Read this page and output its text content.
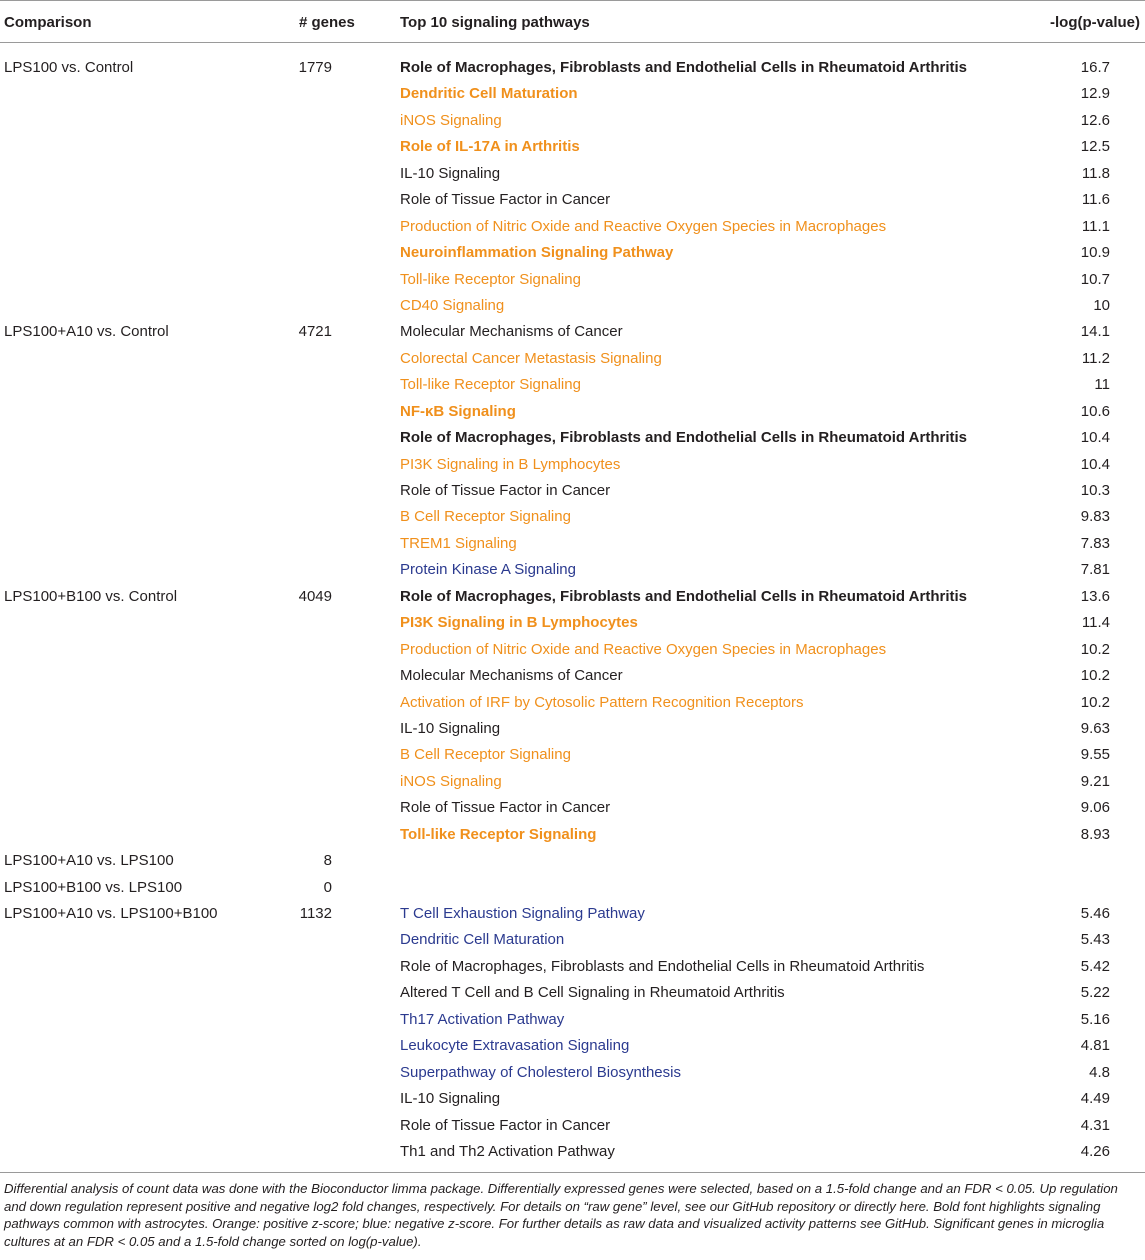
Comparison	# genes	Top 10 signaling pathways	-log(p-value)
LPS100 vs. Control	1779	Role of Macrophages, Fibroblasts and Endothelial Cells in Rheumatoid Arthritis	16.7
Dendritic Cell Maturation	12.9
iNOS Signaling	12.6
Role of IL-17A in Arthritis	12.5
IL-10 Signaling	11.8
Role of Tissue Factor in Cancer	11.6
Production of Nitric Oxide and Reactive Oxygen Species in Macrophages	11.1
Neuroinflammation Signaling Pathway	10.9
Toll-like Receptor Signaling	10.7
CD40 Signaling	10
LPS100+A10 vs. Control	4721	Molecular Mechanisms of Cancer	14.1
Colorectal Cancer Metastasis Signaling	11.2
Toll-like Receptor Signaling	11
NF-κB Signaling	10.6
Role of Macrophages, Fibroblasts and Endothelial Cells in Rheumatoid Arthritis	10.4
PI3K Signaling in B Lymphocytes	10.4
Role of Tissue Factor in Cancer	10.3
B Cell Receptor Signaling	9.83
TREM1 Signaling	7.83
Protein Kinase A Signaling	7.81
LPS100+B100 vs. Control	4049	Role of Macrophages, Fibroblasts and Endothelial Cells in Rheumatoid Arthritis	13.6
PI3K Signaling in B Lymphocytes	11.4
Production of Nitric Oxide and Reactive Oxygen Species in Macrophages	10.2
Molecular Mechanisms of Cancer	10.2
Activation of IRF by Cytosolic Pattern Recognition Receptors	10.2
IL-10 Signaling	9.63
B Cell Receptor Signaling	9.55
iNOS Signaling	9.21
Role of Tissue Factor in Cancer	9.06
Toll-like Receptor Signaling	8.93
LPS100+A10 vs. LPS100	8
LPS100+B100 vs. LPS100	0
LPS100+A10 vs. LPS100+B100	1132	T Cell Exhaustion Signaling Pathway	5.46
Dendritic Cell Maturation	5.43
Role of Macrophages, Fibroblasts and Endothelial Cells in Rheumatoid Arthritis	5.42
Altered T Cell and B Cell Signaling in Rheumatoid Arthritis	5.22
Th17 Activation Pathway	5.16
Leukocyte Extravasation Signaling	4.81
Superpathway of Cholesterol Biosynthesis	4.8
IL-10 Signaling	4.49
Role of Tissue Factor in Cancer	4.31
Th1 and Th2 Activation Pathway	4.26
Differential analysis of count data was done with the Bioconductor limma package. Differentially expressed genes were selected, based on a 1.5-fold change and an FDR < 0.05. Up regulation and down regulation represent positive and negative log2 fold changes, respectively. For details on “raw gene” level, see our GitHub repository or directly here. Bold font highlights signaling pathways common with astrocytes. Orange: positive z-score; blue: negative z-score. For further details as raw data and visualized activity patterns see GitHub. Significant genes in microglia cultures at an FDR < 0.05 and a 1.5-fold change sorted on log(p-value).
